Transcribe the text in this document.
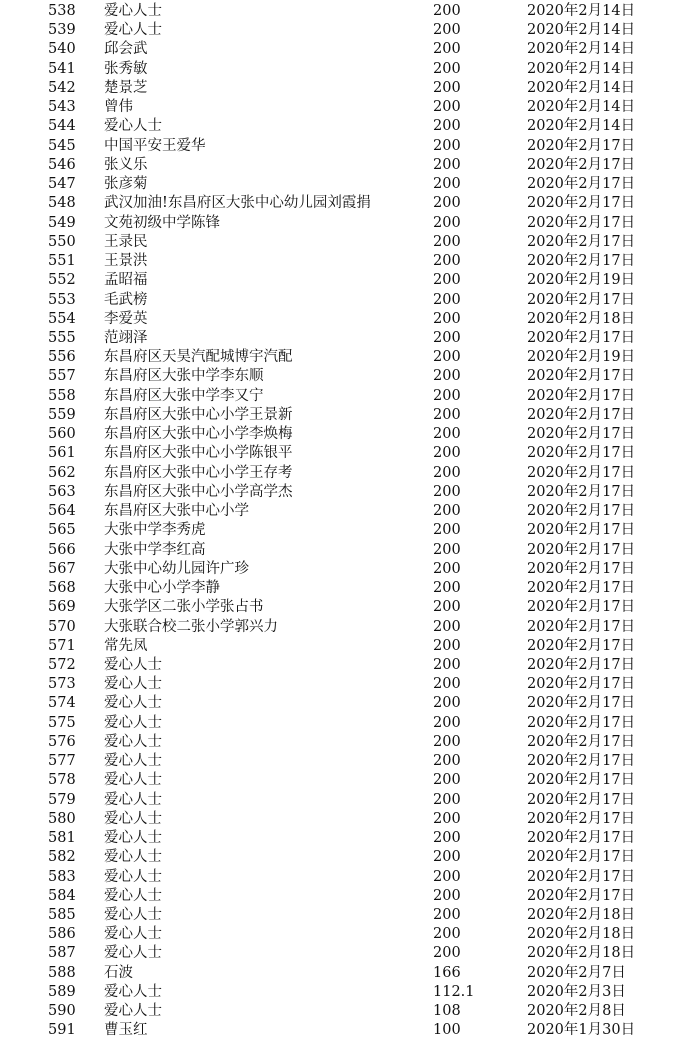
538 爱心人士	200	2020年2月14日
539 爱心人士	200	2020年2月14日
540 邱会武	200	2020年2月14日
541 张秀敏	200	2020年2月14日
542 楚景芝	200	2020年2月14日
543 曾伟	200	2020年2月14日
544 爱心人士	200	2020年2月14日
545 中国平安王爱华	200	2020年2月17日
546 张义乐	200	2020年2月17日
547 张彦菊	200	2020年2月17日
548 武汉加油!东昌府区大张中心幼儿园刘霞捐	200	2020年2月17日
549 文苑初级中学陈锋	200	2020年2月17日
550 王录民	200	2020年2月17日
551 王景洪	200	2020年2月17日
552 孟昭福	200	2020年2月19日
553 毛武榜	200	2020年2月17日
554 李爱英	200	2020年2月18日
555 范翊泽	200	2020年2月17日
556 东昌府区天昊汽配城博宇汽配	200	2020年2月19日
557 东昌府区大张中学李东顺	200	2020年2月17日
558 东昌府区大张中学李又宁	200	2020年2月17日
559 东昌府区大张中心小学王景新	200	2020年2月17日
560 东昌府区大张中心小学李焕梅	200	2020年2月17日
561 东昌府区大张中心小学陈银平	200	2020年2月17日
562 东昌府区大张中心小学王存考	200	2020年2月17日
563 东昌府区大张中心小学高学杰	200	2020年2月17日
564 东昌府区大张中心小学	200	2020年2月17日
565 大张中学李秀虎	200	2020年2月17日
566 大张中学李红高	200	2020年2月17日
567 大张中心幼儿园许广珍	200	2020年2月17日
568 大张中心小学李静	200	2020年2月17日
569 大张学区二张小学张占书	200	2020年2月17日
570 大张联合校二张小学郭兴力	200	2020年2月17日
571 常先凤	200	2020年2月17日
572 爱心人士	200	2020年2月17日
573 爱心人士	200	2020年2月17日
574 爱心人士	200	2020年2月17日
575 爱心人士	200	2020年2月17日
576 爱心人士	200	2020年2月17日
577 爱心人士	200	2020年2月17日
578 爱心人士	200	2020年2月17日
579 爱心人士	200	2020年2月17日
580 爱心人士	200	2020年2月17日
581 爱心人士	200	2020年2月17日
582 爱心人士	200	2020年2月17日
583 爱心人士	200	2020年2月17日
584 爱心人士	200	2020年2月17日
585 爱心人士	200	2020年2月18日
586 爱心人士	200	2020年2月18日
587 爱心人士	200	2020年2月18日
588 石波	166	2020年2月7日
589 爱心人士	112.1	2020年2月3日
590 爱心人士	108	2020年2月8日
591 曹玉红	100	2020年1月30日
